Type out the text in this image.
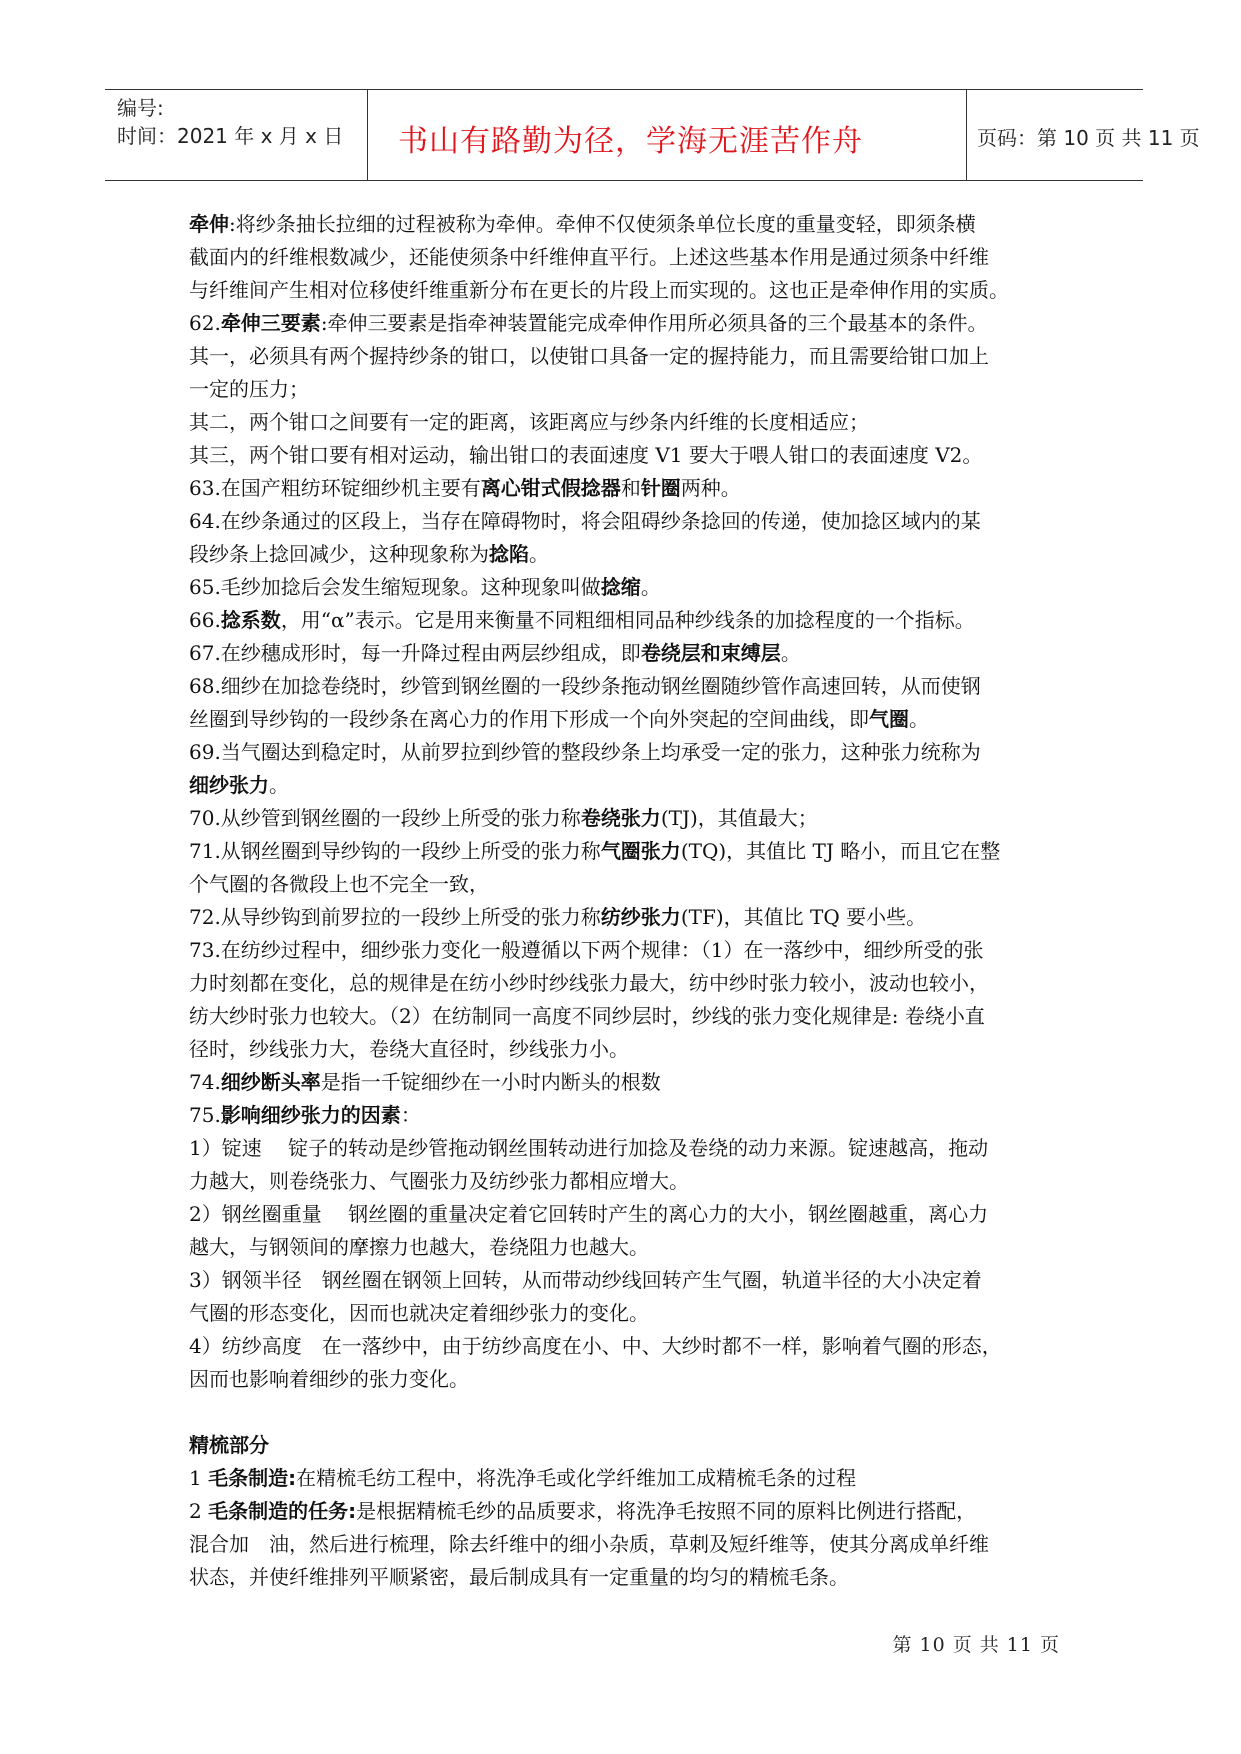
编号:
时间：2021 年 x 月 x 日	书山有路勤为径，学海无涯苦作舟	页码：第 10 页 共 11 页
牵伸:将纱条抽长拉细的过程被称为牵伸。牵伸不仅使须条单位长度的重量变轻，即须条横
截面内的纤维根数减少，还能使须条中纤维伸直平行。上述这些基本作用是通过须条中纤维
与纤维间产生相对位移使纤维重新分布在更长的片段上而实现的。这也正是牵伸作用的实质。
62.牵伸三要素:牵伸三要素是指牵神装置能完成牵伸作用所必须具备的三个最基本的条件。
其一，必须具有两个握持纱条的钳口，以使钳口具备一定的握持能力，而且需要给钳口加上
一定的压力；
其二，两个钳口之间要有一定的距离，该距离应与纱条内纤维的长度相适应；
其三，两个钳口要有相对运动，输出钳口的表面速度 V1 要大于喂人钳口的表面速度 V2。
63.在国产粗纺环锭细纱机主要有离心钳式假捻器和针圈两种。
64.在纱条通过的区段上，当存在障碍物时，将会阻碍纱条捻回的传递，使加捻区域内的某
段纱条上捻回减少，这种现象称为捻陷。
65.毛纱加捻后会发生缩短现象。这种现象叫做捻缩。
66.捻系数，用“α”表示。它是用来衡量不同粗细相同品种纱线条的加捻程度的一个指标。
67.在纱穗成形时，每一升降过程由两层纱组成，即卷绕层和束缚层。
68.细纱在加捻卷绕时，纱管到钢丝圈的一段纱条拖动钢丝圈随纱管作高速回转，从而使钢
丝圈到导纱钩的一段纱条在离心力的作用下形成一个向外突起的空间曲线，即气圈。
69.当气圈达到稳定时，从前罗拉到纱管的整段纱条上均承受一定的张力，这种张力统称为
细纱张力。
70.从纱管到钢丝圈的一段纱上所受的张力称卷绕张力(TJ)，其值最大；
71.从钢丝圈到导纱钩的一段纱上所受的张力称气圈张力(TQ)，其值比 TJ 略小，而且它在整
个气圈的各微段上也不完全一致，
72.从导纱钩到前罗拉的一段纱上所受的张力称纺纱张力(TF)，其值比 TQ 要小些。
73.在纺纱过程中，细纱张力变化一般遵循以下两个规律：（1）在一落纱中，细纱所受的张
力时刻都在变化，总的规律是在纺小纱时纱线张力最大，纺中纱时张力较小，波动也较小，
纺大纱时张力也较大。（2）在纺制同一高度不同纱层时，纱线的张力变化规律是: 卷绕小直
径时，纱线张力大，卷绕大直径时，纱线张力小。
74.细纱断头率是指一千锭细纱在一小时内断头的根数
75.影响细纱张力的因素：
1）锭速　 锭子的转动是纱管拖动钢丝围转动进行加捻及卷绕的动力来源。锭速越高，拖动
力越大，则卷绕张力、气圈张力及纺纱张力都相应增大。
2）钢丝圈重量　 钢丝圈的重量决定着它回转时产生的离心力的大小，钢丝圈越重，离心力
越大，与钢领间的摩擦力也越大，卷绕阻力也越大。
3）钢领半径　钢丝圈在钢领上回转，从而带动纱线回转产生气圈，轨道半径的大小决定着
气圈的形态变化，因而也就决定着细纱张力的变化。
4）纺纱高度　在一落纱中，由于纺纱高度在小、中、大纱时都不一样，影响着气圈的形态，
因而也影响着细纱的张力变化。
精梳部分
1 毛条制造:在精梳毛纺工程中，将洗净毛或化学纤维加工成精梳毛条的过程
2 毛条制造的任务:是根据精梳毛纱的品质要求，将洗净毛按照不同的原料比例进行搭配，
混合加　油，然后进行梳理，除去纤维中的细小杂质，草刺及短纤维等，使其分离成单纤维
状态，并使纤维排列平顺紧密，最后制成具有一定重量的均匀的精梳毛条。
第 10 页 共 11 页
